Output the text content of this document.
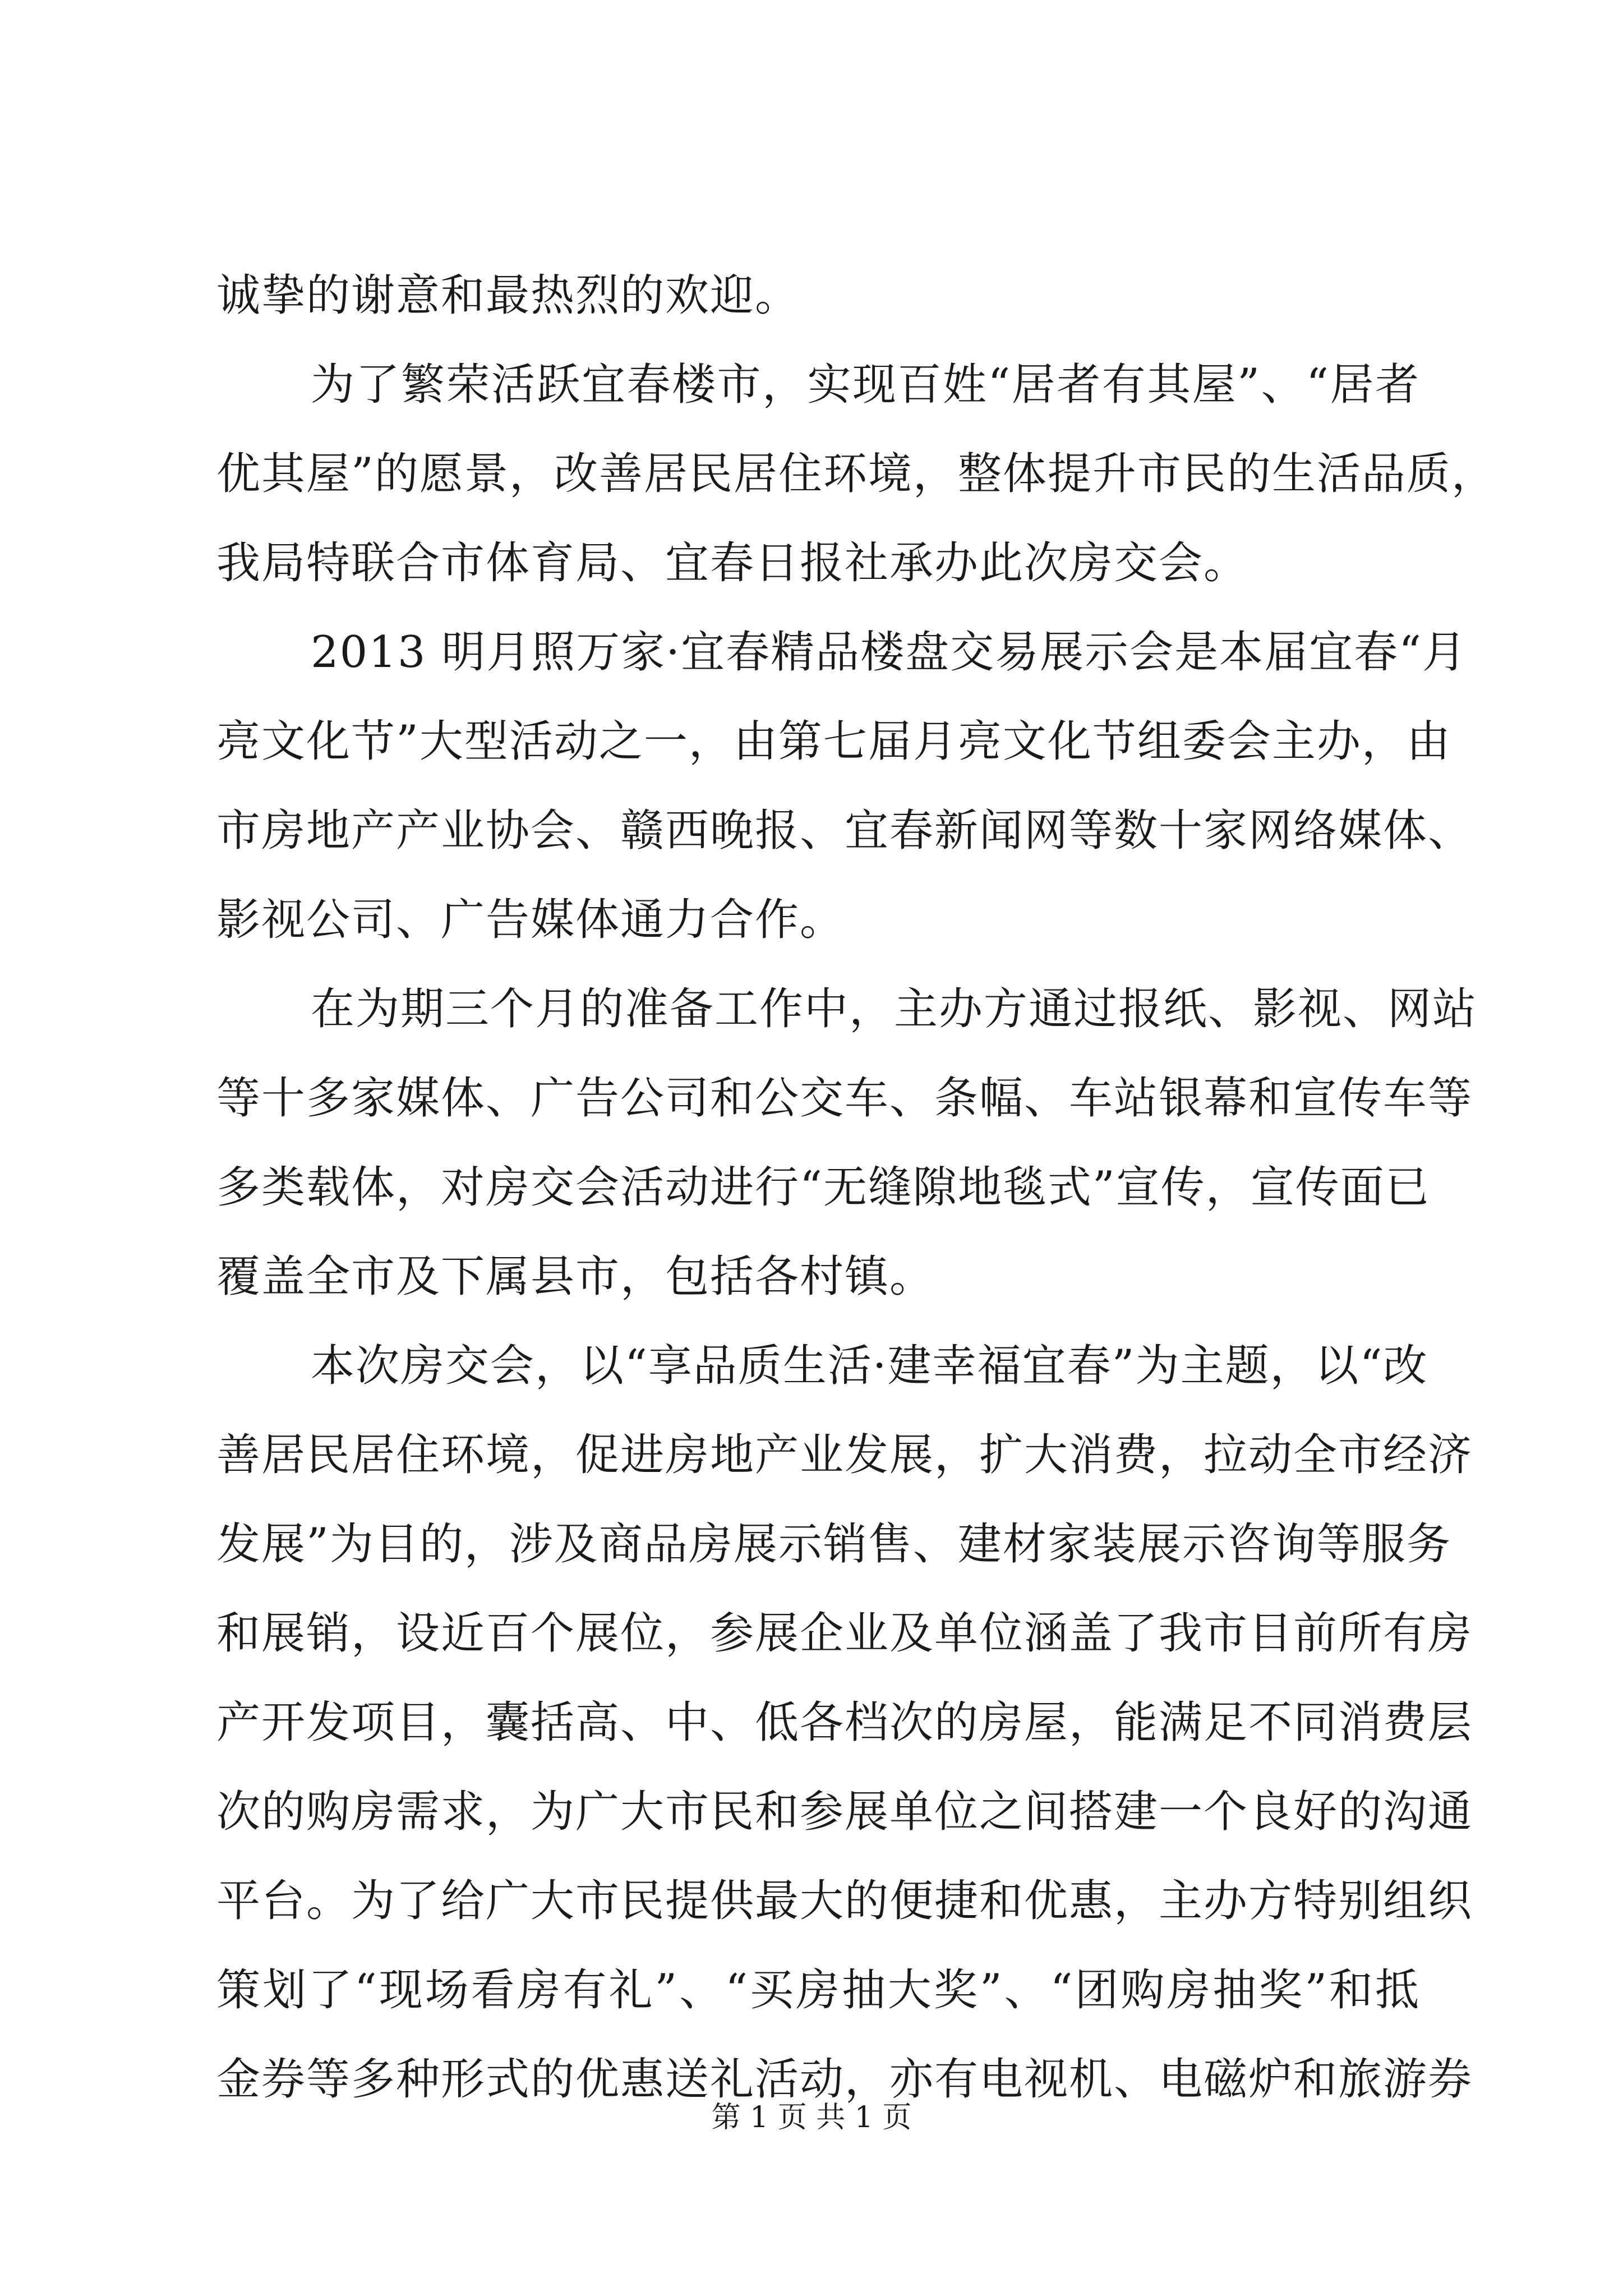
诚挚的谢意和最热烈的欢迎。
为了繁荣活跃宜春楼市，实现百姓“居者有其屋”、“居者
优其屋”的愿景，改善居民居住环境，整体提升市民的生活品质，
我局特联合市体育局、宜春日报社承办此次房交会。
2013 明月照万家·宜春精品楼盘交易展示会是本届宜春“月
亮文化节”大型活动之一，由第七届月亮文化节组委会主办，由
市房地产产业协会、赣西晚报、宜春新闻网等数十家网络媒体、
影视公司、广告媒体通力合作。
在为期三个月的准备工作中，主办方通过报纸、影视、网站
等十多家媒体、广告公司和公交车、条幅、车站银幕和宣传车等
多类载体，对房交会活动进行“无缝隙地毯式”宣传，宣传面已
覆盖全市及下属县市，包括各村镇。
本次房交会，以“享品质生活·建幸福宜春”为主题，以“改
善居民居住环境，促进房地产业发展，扩大消费，拉动全市经济
发展”为目的，涉及商品房展示销售、建材家装展示咨询等服务
和展销，设近百个展位，参展企业及单位涵盖了我市目前所有房
产开发项目，囊括高、中、低各档次的房屋，能满足不同消费层
次的购房需求，为广大市民和参展单位之间搭建一个良好的沟通
平台。为了给广大市民提供最大的便捷和优惠，主办方特别组织
策划了“现场看房有礼”、“买房抽大奖”、“团购房抽奖”和抵
金券等多种形式的优惠送礼活动，亦有电视机、电磁炉和旅游券
第 1 页 共 1 页
